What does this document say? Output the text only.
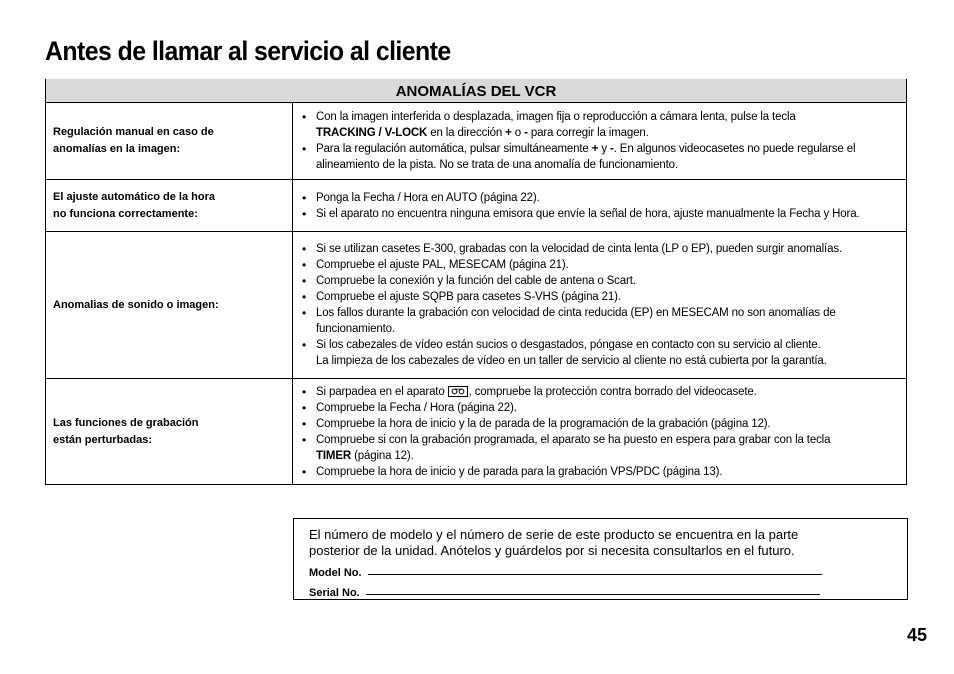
Antes de llamar al servicio al cliente
ANOMALÍAS DEL VCR
Regulación manual en caso de
anomalías en la imagen:
• Con la imagen interferida o desplazada, imagen fija o reproducción a cámara lenta, pulse la tecla
TRACKING / V-LOCK en la dirección + o - para corregir la imagen.
• Para la regulación automática, pulsar simultáneamente + y -. En algunos videocasetes no puede regularse el alineamiento de la pista. No se trata de una anomalía de funcionamiento.
El ajuste automático de la hora
no funciona correctamente:
• Ponga la Fecha / Hora en AUTO (página 22).
• Si el aparato no encuentra ninguna emisora que envíe la señal de hora, ajuste manualmente la Fecha y Hora.
Anomalias de sonido o imagen:
• Si se utilizan casetes E-300, grabadas con la velocidad de cinta lenta (LP o EP), pueden surgir anomalías.
• Compruebe el ajuste PAL, MESECAM (página 21).
• Compruebe la conexión y la función del cable de antena o Scart.
• Compruebe el ajuste SQPB para casetes S-VHS (página 21).
• Los fallos durante la grabación con velocidad de cinta reducida (EP) en MESECAM no son anomalías de funcionamiento.
• Si los cabezales de vídeo están sucios o desgastados, póngase en contacto con su servicio al cliente.
La limpieza de los cabezales de vídeo en un taller de servicio al cliente no está cubierta por la garantía.
Las funciones de grabación
están perturbadas:
• Si parpadea en el aparato , compruebe la protección contra borrado del videocasete.
• Compruebe la Fecha / Hora (página 22).
• Compruebe la hora de inicio y la de parada de la programación de la grabación (página 12).
• Compruebe si con la grabación programada, el aparato se ha puesto en espera para grabar con la tecla
TIMER (página 12).
• Compruebe la hora de inicio y de parada para la grabación VPS/PDC (página 13).

El número de modelo y el número de serie de este producto se encuentra en la parte
posterior de la unidad. Anótelos y guárdelos por si necesita consultarlos en el futuro.

Model No.
Serial No.
45
